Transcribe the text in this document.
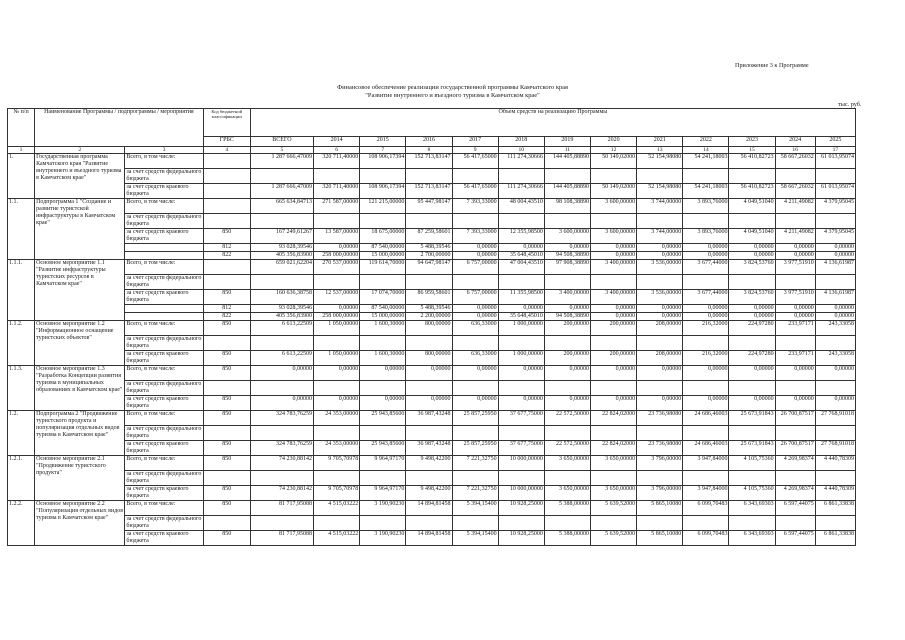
Приложение 3 к Программе
Финансовое обеспечение реализации государственной программы Камчатского края
"Развитие внутреннего и въездного туризма в Камчатском крае"
тыс. руб.
№ п/п	Наименование Программы / подпрограммы / мероприятия		Код бюджетной классификации	Объем средств на реализацию Программы												
			ГРБС	ВСЕГО	2014	2015	2016	2017	2018	2019	2020	2021	2022	2023	2024	2025
1	2	3	4	5	6	7	8	9	10	11	12	13	14	15	16	17
1.	Государственная программа Камчатского края "Развитие внутреннего и въездного туризма в Камчатском крае"	Всего, в том числе:		1 287 666,47009	320 711,40000	108 906,17394	152 713,83147	56 417,65000	111 274,30666	144 405,88890	50 149,02000	52 154,98080	54 241,18003	56 410,82723	58 667,26032	61 013,95074
		за счет средств федерального бюджета														
		за счет средств краевого бюджета		1 287 666,47009	320 711,40000	108 906,17394	152 713,83147	56 417,65000	111 274,30666	144 405,88890	50 149,02000	52 154,98080	54 241,18003	56 410,82723	58 667,26032	61 013,95074
1.1.	Подпрограмма 1 "Создание и развитие туристской инфраструктуры в Камчатском крае"	Всего, в том числе:		665 634,84713	271 587,00000	121 215,00000	95 447,98147	7 393,33000	48 004,43510	98 108,38890	3 600,00000	3 744,00000	3 893,76000	4 049,51040	4 211,49082	4 379,95045
		за счет средств федерального бюджета														
		за счет средств краевого бюджета	850	167 249,61267	13 587,00000	18 675,00000	87 259,58601	7 393,33000	12 355,98500	3 600,00000	3 600,00000	3 744,00000	3 893,76000	4 049,51040	4 211,49082	4 379,95045
			812	93 028,39546	0,00000	87 540,00000	5 488,39546	0,00000	0,00000	0,00000	0,00000	0,00000	0,00000	0,00000	0,00000	0,00000
			822	405 356,83900	258 000,00000	15 000,00000	2 700,00000	0,00000	35 648,45010	94 508,38890	0,00000	0,00000	0,00000	0,00000	0,00000	0,00000
1.1.1.	Основное мероприятие 1.1 "Развитие инфраструктуры туристских ресурсов в Камчатском крае"	Всего, в том числе:		659 021,62204	270 537,00000	119 614,70000	94 647,98147	6 757,00000	47 004,43510	97 908,38890	3 400,00000	3 536,00000	3 677,44000	3 824,53760	3 977,51910	4 136,61987
		за счет средств федерального бюджета														
		за счет средств краевого бюджета	850	160 636,38758	12 537,00000	17 074,70000	86 959,58601	6 757,00000	11 355,98500	3 400,00000	3 400,00000	3 536,00000	3 677,44000	3 824,53760	3 977,51910	4 136,61987
			812	93 028,39546	0,00000	87 540,00000	5 488,39546	0,00000	0,00000	0,00000	0,00000	0,00000	0,00000	0,00000	0,00000	0,00000
			822	405 356,83900	258 000,00000	15 000,00000	2 200,00000	0,00000	35 648,45010	94 508,38890	0,00000	0,00000	0,00000	0,00000	0,00000	0,00000
1.1.2.	Основное мероприятие 1.2 "Информационное оснащение туристских объектов"	Всего, в том числе:	850	6 613,22509	1 050,00000	1 600,30000	800,00000	636,33000	1 000,00000	200,00000	200,00000	208,00000	216,32000	224,97280	233,97171	243,33058
		за счет средств федерального бюджета														
		за счет средств краевого бюджета	850	6 613,22509	1 050,00000	1 600,30000	800,00000	636,33000	1 000,00000	200,00000	200,00000	208,00000	216,32000	224,97280	233,97171	243,33058
1.1.3.	Основное мероприятие 1.3 "Разработка Концепции развития туризма в муниципальных образованиях в Камчатском крае"	Всего, в том числе:	850	0,00000	0,00000	0,00000	0,00000	0,00000	0,00000	0,00000	0,00000	0,00000	0,00000	0,00000	0,00000	0,00000
		за счет средств федерального бюджета														
		за счет средств краевого бюджета	850	0,00000	0,00000	0,00000	0,00000	0,00000	0,00000	0,00000	0,00000	0,00000	0,00000	0,00000	0,00000	0,00000
1.2.	Подпрограмма 2 "Продвижение туристского продукта и популяризация отдельных видов туризма в Камчатском крае"	Всего, в том числе:	850	324 783,76259	24 353,00000	25 943,85600	36 987,43248	25 857,25950	37 677,75000	22 572,50000	22 824,02000	23 736,98080	24 686,46003	25 673,91843	26 700,87517	27 768,91018
		за счет средств федерального бюджета														
		за счет средств краевого бюджета	850	324 783,76259	24 353,00000	25 943,85600	36 987,43248	25 857,25950	37 677,75000	22 572,50000	22 824,02000	23 736,98080	24 686,46003	25 673,91843	26 700,87517	27 768,91018
1.2.1.	Основное мероприятие 2.1 "Продвижение туристского продукта"	Всего, в том числе:	850	74 230,88142	9 705,70978	9 964,97170	9 498,42200	7 221,32750	10 000,00000	3 650,00000	3 650,00000	3 796,00000	3 947,84000	4 105,75360	4 269,98374	4 440,78309
		за счет средств федерального бюджета														
		за счет средств краевого бюджета	850	74 230,88142	9 705,70978	9 964,97170	9 498,42200	7 221,32750	10 000,00000	3 650,00000	3 650,00000	3 796,00000	3 947,84000	4 105,75360	4 269,98374	4 440,78309
1.2.2.	Основное мероприятие 2.2 "Популяризация отдельных видов туризма в Камчатском крае"	Всего, в том числе:	850	81 717,95088	4 515,03222	3 190,90230	14 894,81458	5 394,15400	10 928,25000	5 388,00000	5 639,52000	5 865,10080	6 099,70483	6 343,69303	6 597,44075	6 861,33838
		за счет средств федерального бюджета														
		за счет средств краевого бюджета	850	81 717,95088	4 515,03222	3 190,90230	14 894,81458	5 394,15400	10 928,25000	5 388,00000	5 639,52000	5 865,10080	6 099,70483	6 343,69303	6 597,44075	6 861,33838
